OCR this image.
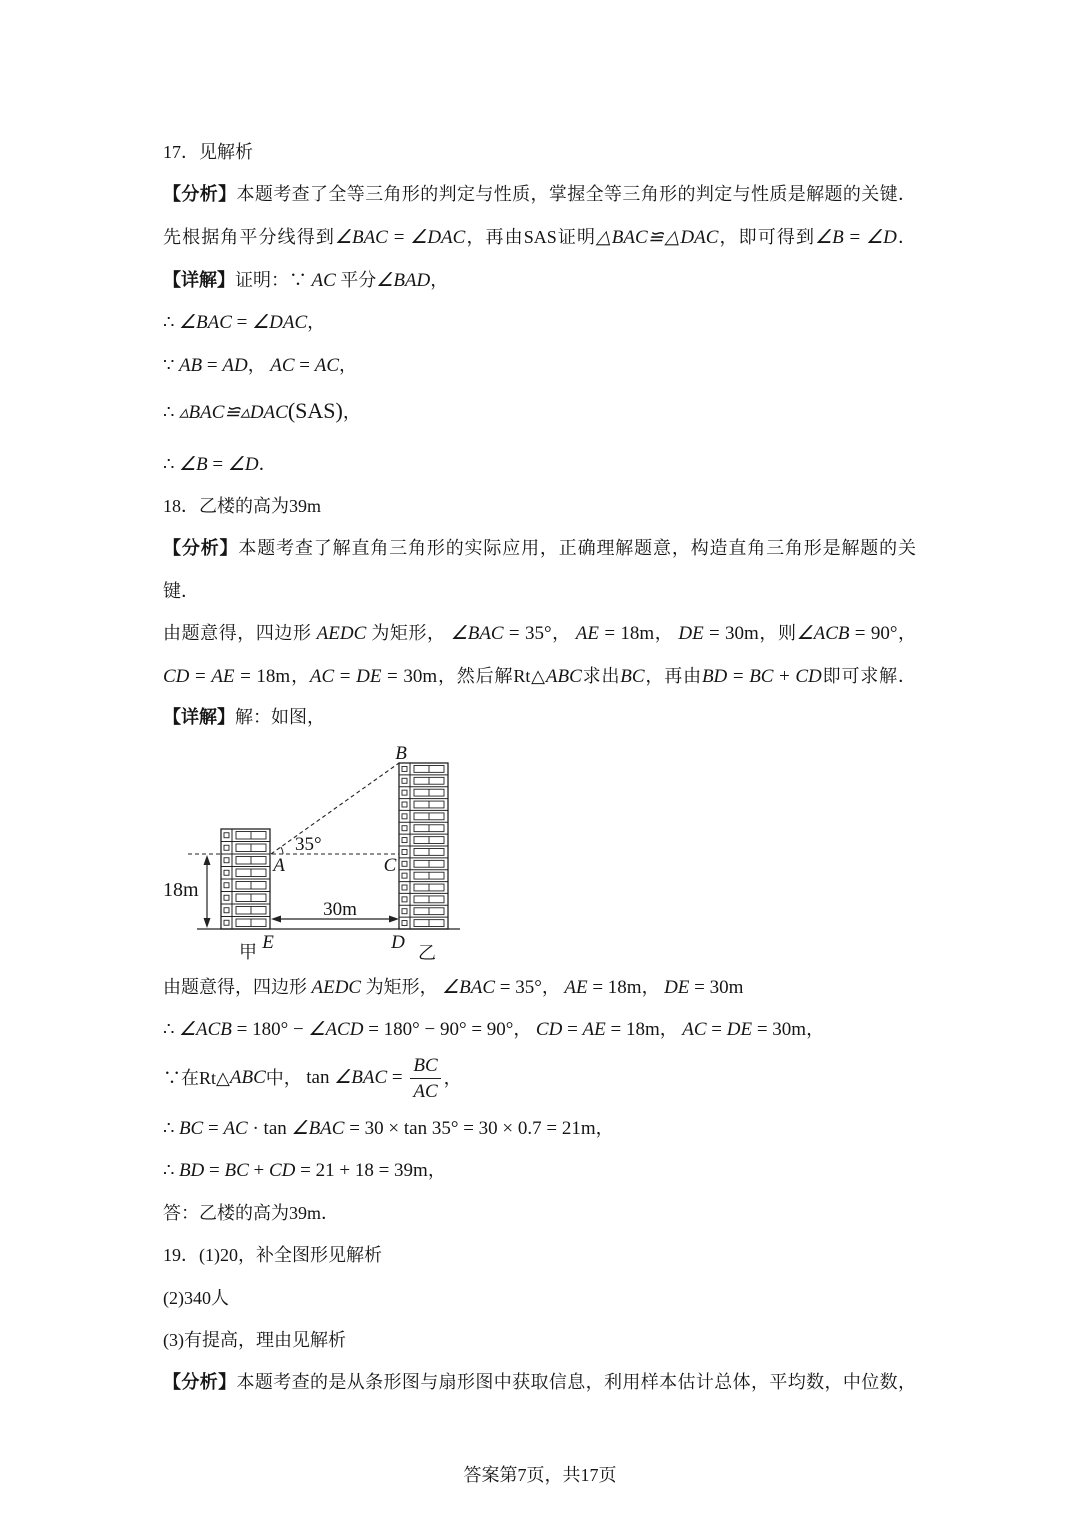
17．见解析
【分析】本题考查了全等三角形的判定与性质，掌握全等三角形的判定与性质是解题的关键．
先根据角平分线得到∠BAC = ∠DAC，再由SAS证明△BAC≌△DAC，即可得到∠B = ∠D．
【详解】证明：∵ AC 平分∠BAD，
∴ ∠BAC = ∠DAC，
∵ AB = AD， AC = AC，
∴ ▵BAC≌▵DAC(SAS)，
∴ ∠B = ∠D．
18．乙楼的高为39m
【分析】本题考查了解直角三角形的实际应用，正确理解题意，构造直角三角形是解题的关
键．
由题意得，四边形 AEDC 为矩形， ∠BAC = 35°， AE = 18m， DE = 30m，则∠ACB = 90°，
CD = AE = 18m，AC = DE = 30m，然后解Rt△ABC求出BC，再由BD = BC + CD即可求解．
【详解】解：如图，
B
35°
A	C
18m
30m
甲 E	D 乙
由题意得，四边形 AEDC 为矩形， ∠BAC = 35°， AE = 18m， DE = 30m
∴ ∠ACB = 180° − ∠ACD = 180° − 90° = 90°， CD = AE = 18m， AC = DE = 30m，
∵在Rt△ ABC 中， tan ∠BAC = $\frac{BC}{AC}$ ，
∴ BC = AC · tan ∠BAC = 30 × tan 35° = 30 × 0.7 = 21m，
∴ BD = BC + CD = 21 + 18 = 39m，
答：乙楼的高为39m．
19．(1)20，补全图形见解析
(2)340人
(3)有提高，理由见解析
【分析】本题考查的是从条形图与扇形图中获取信息，利用样本估计总体，平均数，中位数，
答案第7页，共17页
